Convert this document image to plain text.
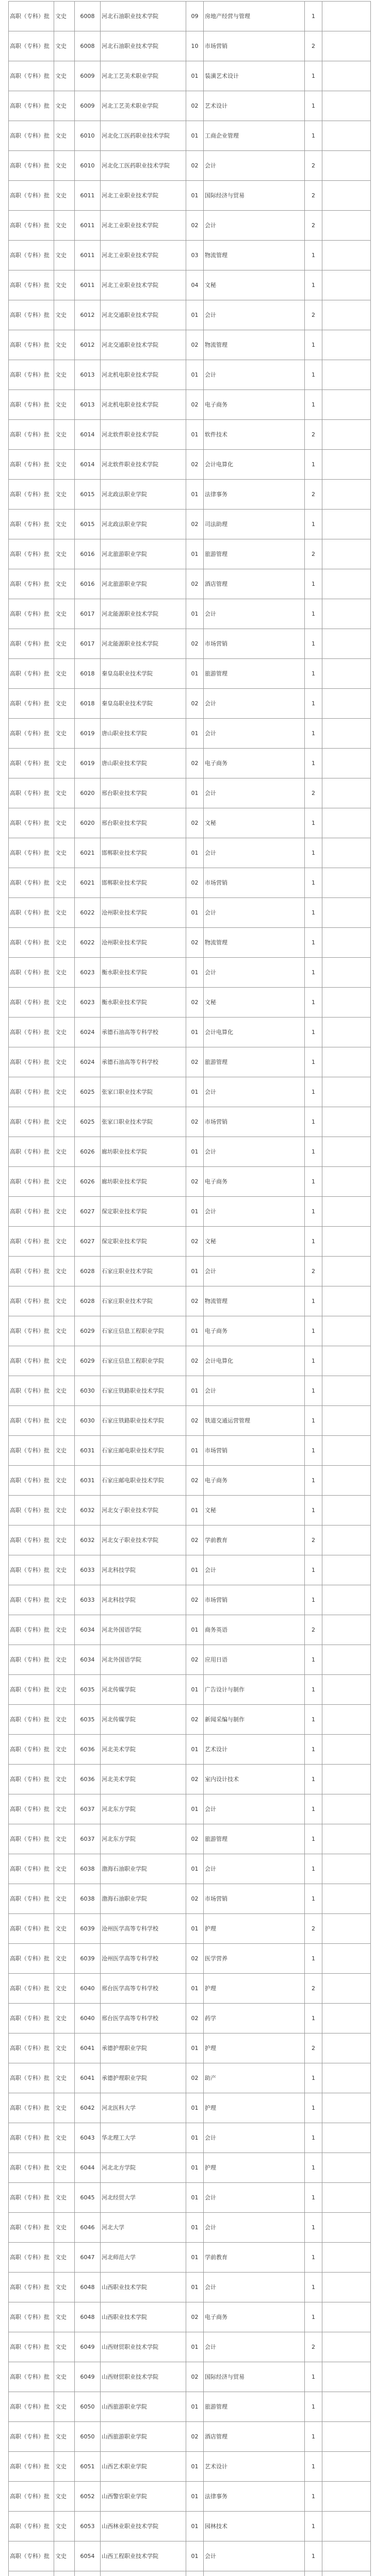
高职（专科）批	文史	6008	河北石油职业技术学院	09	房地产经营与管理	1	
高职（专科）批	文史	6008	河北石油职业技术学院	10	市场营销	2	
高职（专科）批	文史	6009	河北工艺美术职业学院	01	装潢艺术设计	1	
高职（专科）批	文史	6009	河北工艺美术职业学院	02	艺术设计	1	
高职（专科）批	文史	6010	河北化工医药职业技术学院	01	工商企业管理	1	
高职（专科）批	文史	6010	河北化工医药职业技术学院	02	会计	2	
高职（专科）批	文史	6011	河北工业职业技术学院	01	国际经济与贸易	2	
高职（专科）批	文史	6011	河北工业职业技术学院	02	会计	2	
高职（专科）批	文史	6011	河北工业职业技术学院	03	物流管理	1	
高职（专科）批	文史	6011	河北工业职业技术学院	04	文秘	1	
高职（专科）批	文史	6012	河北交通职业技术学院	01	会计	2	
高职（专科）批	文史	6012	河北交通职业技术学院	02	物流管理	1	
高职（专科）批	文史	6013	河北机电职业技术学院	01	会计	1	
高职（专科）批	文史	6013	河北机电职业技术学院	02	电子商务	1	
高职（专科）批	文史	6014	河北软件职业技术学院	01	软件技术	2	
高职（专科）批	文史	6014	河北软件职业技术学院	02	会计电算化	1	
高职（专科）批	文史	6015	河北政法职业学院	01	法律事务	2	
高职（专科）批	文史	6015	河北政法职业学院	02	司法助理	1	
高职（专科）批	文史	6016	河北旅游职业学院	01	旅游管理	2	
高职（专科）批	文史	6016	河北旅游职业学院	02	酒店管理	1	
高职（专科）批	文史	6017	河北能源职业技术学院	01	会计	1	
高职（专科）批	文史	6017	河北能源职业技术学院	02	市场营销	1	
高职（专科）批	文史	6018	秦皇岛职业技术学院	01	旅游管理	1	
高职（专科）批	文史	6018	秦皇岛职业技术学院	02	会计	1	
高职（专科）批	文史	6019	唐山职业技术学院	01	会计	1	
高职（专科）批	文史	6019	唐山职业技术学院	02	电子商务	1	
高职（专科）批	文史	6020	邢台职业技术学院	01	会计	2	
高职（专科）批	文史	6020	邢台职业技术学院	02	文秘	1	
高职（专科）批	文史	6021	邯郸职业技术学院	01	会计	1	
高职（专科）批	文史	6021	邯郸职业技术学院	02	市场营销	1	
高职（专科）批	文史	6022	沧州职业技术学院	01	会计	1	
高职（专科）批	文史	6022	沧州职业技术学院	02	物流管理	1	
高职（专科）批	文史	6023	衡水职业技术学院	01	会计	1	
高职（专科）批	文史	6023	衡水职业技术学院	02	文秘	1	
高职（专科）批	文史	6024	承德石油高等专科学校	01	会计电算化	1	
高职（专科）批	文史	6024	承德石油高等专科学校	02	旅游管理	1	
高职（专科）批	文史	6025	张家口职业技术学院	01	会计	1	
高职（专科）批	文史	6025	张家口职业技术学院	02	市场营销	1	
高职（专科）批	文史	6026	廊坊职业技术学院	01	会计	1	
高职（专科）批	文史	6026	廊坊职业技术学院	02	电子商务	1	
高职（专科）批	文史	6027	保定职业技术学院	01	会计	1	
高职（专科）批	文史	6027	保定职业技术学院	02	文秘	1	
高职（专科）批	文史	6028	石家庄职业技术学院	01	会计	2	
高职（专科）批	文史	6028	石家庄职业技术学院	02	物流管理	1	
高职（专科）批	文史	6029	石家庄信息工程职业学院	01	电子商务	1	
高职（专科）批	文史	6029	石家庄信息工程职业学院	02	会计电算化	1	
高职（专科）批	文史	6030	石家庄铁路职业技术学院	01	会计	1	
高职（专科）批	文史	6030	石家庄铁路职业技术学院	02	铁道交通运营管理	1	
高职（专科）批	文史	6031	石家庄邮电职业技术学院	01	市场营销	1	
高职（专科）批	文史	6031	石家庄邮电职业技术学院	02	电子商务	1	
高职（专科）批	文史	6032	河北女子职业技术学院	01	文秘	1	
高职（专科）批	文史	6032	河北女子职业技术学院	02	学前教育	2	
高职（专科）批	文史	6033	河北科技学院	01	会计	1	
高职（专科）批	文史	6033	河北科技学院	02	市场营销	1	
高职（专科）批	文史	6034	河北外国语学院	01	商务英语	2	
高职（专科）批	文史	6034	河北外国语学院	02	应用日语	1	
高职（专科）批	文史	6035	河北传媒学院	01	广告设计与制作	1	
高职（专科）批	文史	6035	河北传媒学院	02	新闻采编与制作	1	
高职（专科）批	文史	6036	河北美术学院	01	艺术设计	1	
高职（专科）批	文史	6036	河北美术学院	02	室内设计技术	1	
高职（专科）批	文史	6037	河北东方学院	01	会计	1	
高职（专科）批	文史	6037	河北东方学院	02	旅游管理	1	
高职（专科）批	文史	6038	渤海石油职业学院	01	会计	1	
高职（专科）批	文史	6038	渤海石油职业学院	02	市场营销	1	
高职（专科）批	文史	6039	沧州医学高等专科学校	01	护理	2	
高职（专科）批	文史	6039	沧州医学高等专科学校	02	医学营养	1	
高职（专科）批	文史	6040	邢台医学高等专科学校	01	护理	2	
高职（专科）批	文史	6040	邢台医学高等专科学校	02	药学	1	
高职（专科）批	文史	6041	承德护理职业学院	01	护理	2	
高职（专科）批	文史	6041	承德护理职业学院	02	助产	1	
高职（专科）批	文史	6042	河北医科大学	01	护理	1	
高职（专科）批	文史	6043	华北理工大学	01	会计	1	
高职（专科）批	文史	6044	河北北方学院	01	护理	1	
高职（专科）批	文史	6045	河北经贸大学	01	会计	1	
高职（专科）批	文史	6046	河北大学	01	会计	1	
高职（专科）批	文史	6047	河北师范大学	01	学前教育	1	
高职（专科）批	文史	6048	山西职业技术学院	01	会计	1	
高职（专科）批	文史	6048	山西职业技术学院	02	电子商务	1	
高职（专科）批	文史	6049	山西财贸职业技术学院	01	会计	2	
高职（专科）批	文史	6049	山西财贸职业技术学院	02	国际经济与贸易	1	
高职（专科）批	文史	6050	山西旅游职业学院	01	旅游管理	1	
高职（专科）批	文史	6050	山西旅游职业学院	02	酒店管理	1	
高职（专科）批	文史	6051	山西艺术职业学院	01	艺术设计	1	
高职（专科）批	文史	6052	山西警官职业学院	01	法律事务	1	
高职（专科）批	文史	6053	山西林业职业技术学院	01	园林技术	1	
高职（专科）批	文史	6054	山西工程职业技术学院	01	会计	1	
